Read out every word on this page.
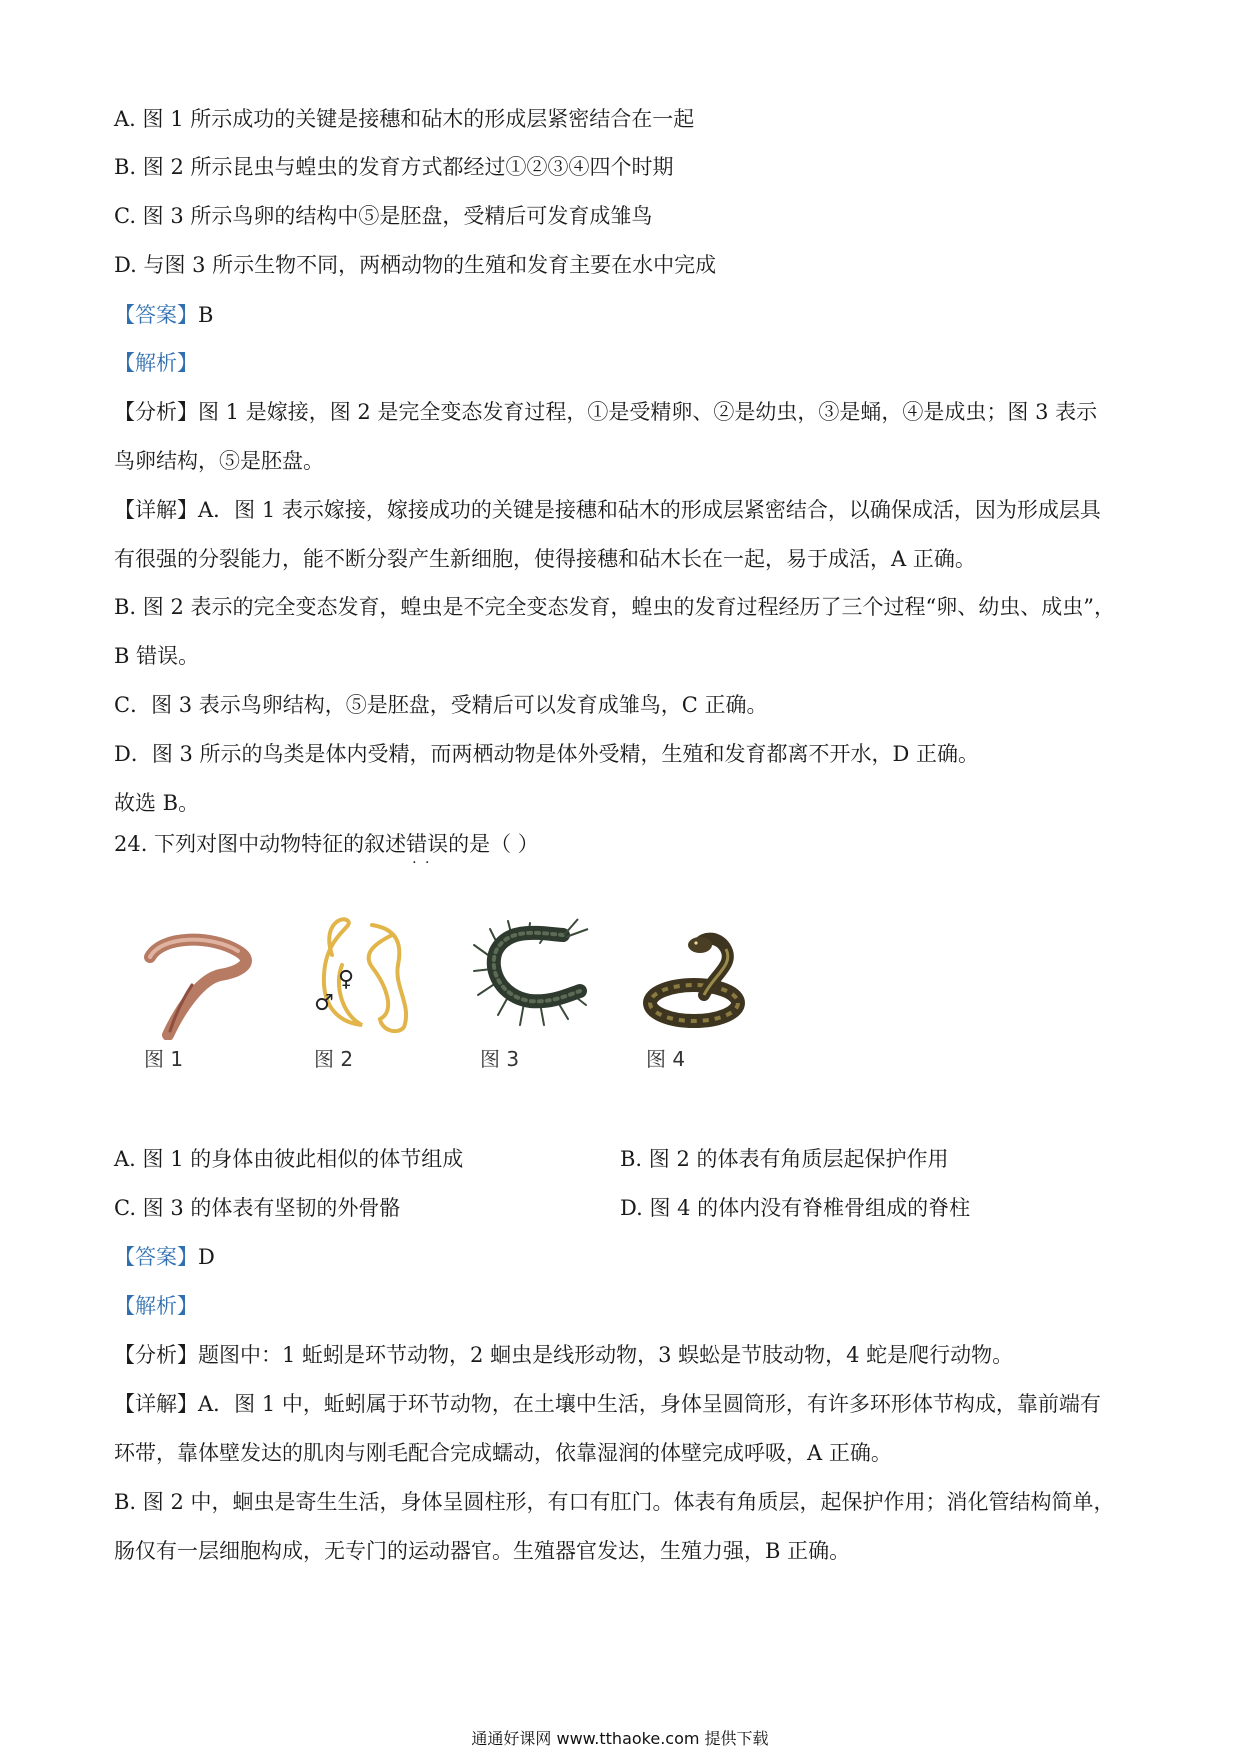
A. 图 1 所示成功的关键是接穗和砧木的形成层紧密结合在一起
B. 图 2 所示昆虫与蝗虫的发育方式都经过①②③④四个时期
C. 图 3 所示鸟卵的结构中⑤是胚盘，受精后可发育成雏鸟
D. 与图 3 所示生物不同，两栖动物的生殖和发育主要在水中完成
【答案】B
【解析】
【分析】图 1 是嫁接，图 2 是完全变态发育过程，①是受精卵、②是幼虫，③是蛹，④是成虫；图 3 表示
鸟卵结构，⑤是胚盘。
【详解】A．图 1 表示嫁接，嫁接成功的关键是接穗和砧木的形成层紧密结合，以确保成活，因为形成层具
有很强的分裂能力，能不断分裂产生新细胞，使得接穗和砧木长在一起，易于成活，A 正确。
B. 图 2 表示的完全变态发育，蝗虫是不完全变态发育，蝗虫的发育过程经历了三个过程“卵、幼虫、成虫”，
B 错误。
C．图 3 表示鸟卵结构，⑤是胚盘，受精后可以发育成雏鸟，C 正确。
D．图 3 所示的鸟类是体内受精，而两栖动物是体外受精，生殖和发育都离不开水，D 正确。
故选 B。
24. 下列对图中动物特征的叙述错误 · ·的是（ ）
图 1
♂
♀
图 2	图 3	图 4
A. 图 1 的身体由彼此相似的体节组成	B. 图 2 的体表有角质层起保护作用
C. 图 3 的体表有坚韧的外骨骼	D. 图 4 的体内没有脊椎骨组成的脊柱
【答案】D
【解析】
【分析】题图中：1 蚯蚓是环节动物，2 蛔虫是线形动物，3 蜈蚣是节肢动物，4 蛇是爬行动物。
【详解】A．图 1 中，蚯蚓属于环节动物，在土壤中生活，身体呈圆筒形，有许多环形体节构成，靠前端有
环带，靠体壁发达的肌肉与刚毛配合完成蠕动，依靠湿润的体壁完成呼吸，A 正确。
B. 图 2 中，蛔虫是寄生生活，身体呈圆柱形，有口有肛门。体表有角质层，起保护作用；消化管结构简单，
肠仅有一层细胞构成，无专门的运动器官。生殖器官发达，生殖力强，B 正确。
通通好课网 www.tthaoke.com 提供下载
